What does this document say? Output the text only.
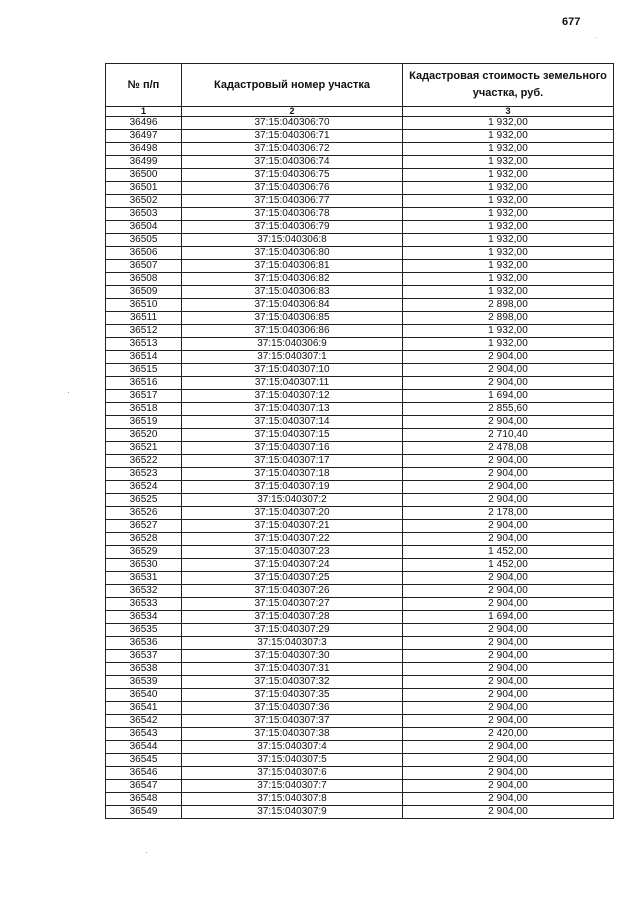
677
№ п/п	Кадастровый номер участка	Кадастровая стоимость земельного участка, руб.
1	2	3
36496	37:15:040306:70	1 932,00
36497	37:15:040306:71	1 932,00
36498	37:15:040306:72	1 932,00
36499	37:15:040306:74	1 932,00
36500	37:15:040306:75	1 932,00
36501	37:15:040306:76	1 932,00
36502	37:15:040306:77	1 932,00
36503	37:15:040306:78	1 932,00
36504	37:15:040306:79	1 932,00
36505	37:15:040306:8	1 932,00
36506	37:15:040306:80	1 932,00
36507	37:15:040306:81	1 932,00
36508	37:15:040306:82	1 932,00
36509	37:15:040306:83	1 932,00
36510	37:15:040306:84	2 898,00
36511	37:15:040306:85	2 898,00
36512	37:15:040306:86	1 932,00
36513	37:15:040306:9	1 932,00
36514	37:15:040307:1	2 904,00
36515	37:15:040307:10	2 904,00
36516	37:15:040307:11	2 904,00
36517	37:15:040307:12	1 694,00
36518	37:15:040307:13	2 855,60
36519	37:15:040307:14	2 904,00
36520	37:15:040307:15	2 710,40
36521	37:15:040307:16	2 478,08
36522	37:15:040307:17	2 904,00
36523	37:15:040307:18	2 904,00
36524	37:15:040307:19	2 904,00
36525	37:15:040307:2	2 904,00
36526	37:15:040307:20	2 178,00
36527	37:15:040307:21	2 904,00
36528	37:15:040307:22	2 904,00
36529	37:15:040307:23	1 452,00
36530	37:15:040307:24	1 452,00
36531	37:15:040307:25	2 904,00
36532	37:15:040307:26	2 904,00
36533	37:15:040307:27	2 904,00
36534	37:15:040307:28	1 694,00
36535	37:15:040307:29	2 904,00
36536	37:15:040307:3	2 904,00
36537	37:15:040307:30	2 904,00
36538	37:15:040307:31	2 904,00
36539	37:15:040307:32	2 904,00
36540	37:15:040307:35	2 904,00
36541	37:15:040307:36	2 904,00
36542	37:15:040307:37	2 904,00
36543	37:15:040307:38	2 420,00
36544	37:15:040307:4	2 904,00
36545	37:15:040307:5	2 904,00
36546	37:15:040307:6	2 904,00
36547	37:15:040307:7	2 904,00
36548	37:15:040307:8	2 904,00
36549	37:15:040307:9	2 904,00
